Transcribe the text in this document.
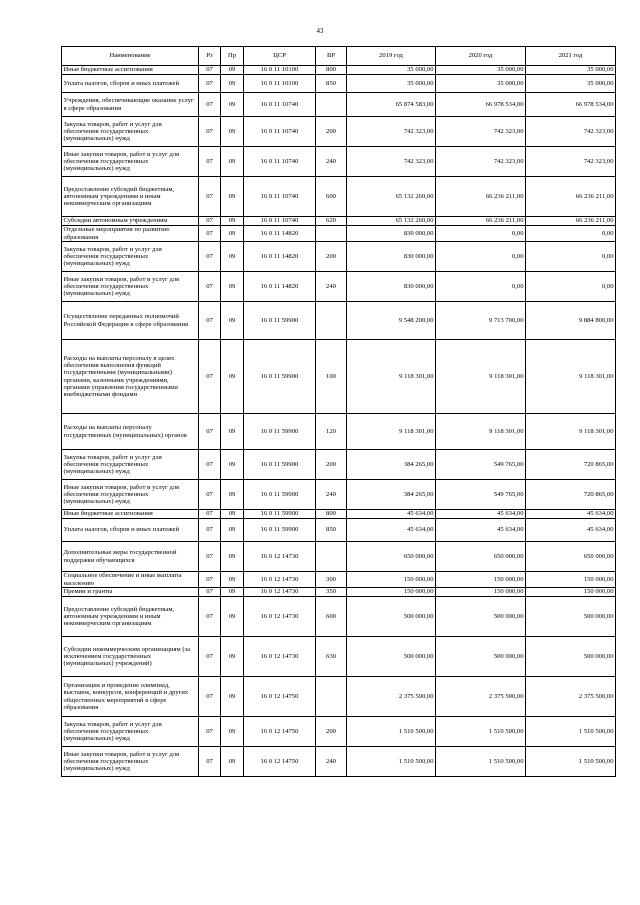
43
Наименование	Рз	Пр	ЦСР	ВР	2019 год	2020 год	2021 год
Иные бюджетные ассигнования	07	09	16 0 11 10100	800	35 000,00	35 000,00	35 000,00
Уплата налогов, сборов и иных платежей	07	09	16 0 11 10100	850	35 000,00	35 000,00	35 000,00
Учреждения, обеспечивающие оказание услуг в сфере образования	07	09	16 0 11 10740		65 874 583,00	66 978 534,00	66 978 534,00
Закупка товаров, работ и услуг для обеспечения государственных (муниципальных) нужд	07	09	16 0 11 10740	200	742 323,00	742 323,00	742 323,00
Иные закупки товаров, работ и услуг для обеспечения государственных (муниципальных) нужд	07	09	16 0 11 10740	240	742 323,00	742 323,00	742 323,00
Предоставление субсидий бюджетным, автономным учреждениям и иным некоммерческим организациям	07	09	16 0 11 10740	600	65 132 260,00	66 236 211,00	66 236 211,00
Субсидии автономным учреждениям	07	09	16 0 11 10740	620	65 132 260,00	66 236 211,00	66 236 211,00
Отдельные мероприятия по развитию образования	07	09	16 0 11 14820		830 000,00	0,00	0,00
Закупка товаров, работ и услуг для обеспечения государственных (муниципальных) нужд	07	09	16 0 11 14820	200	830 000,00	0,00	0,00
Иные закупки товаров, работ и услуг для обеспечения государственных (муниципальных) нужд	07	09	16 0 11 14820	240	830 000,00	0,00	0,00
Осуществление переданных полномочий Российской Федерации в сфере образования	07	09	16 0 11 59900		9 548 200,00	9 713 700,00	9 884 800,00
Расходы на выплаты персоналу в целях обеспечения выполнения функций государственными (муниципальными) органами, казенными учреждениями, органами управления государственными внебюджетными фондами	07	09	16 0 11 59900	100	9 118 301,00	9 118 301,00	9 118 301,00
Расходы на выплаты персоналу государственных (муниципальных) органов	07	09	16 0 11 59900	120	9 118 301,00	9 118 301,00	9 118 301,00
Закупка товаров, работ и услуг для обеспечения государственных (муниципальных) нужд	07	09	16 0 11 59900	200	384 265,00	549 765,00	720 865,00
Иные закупки товаров, работ и услуг для обеспечения государственных (муниципальных) нужд	07	09	16 0 11 59900	240	384 265,00	549 765,00	720 865,00
Иные бюджетные ассигнования	07	09	16 0 11 59900	800	45 634,00	45 634,00	45 634,00
Уплата налогов, сборов и иных платежей	07	09	16 0 11 59900	850	45 634,00	45 634,00	45 634,00
Дополнительные меры государственной поддержки обучающихся	07	09	16 0 12 14730		650 000,00	650 000,00	650 000,00
Социальное обеспечение и иные выплаты населению	07	09	16 0 12 14730	300	150 000,00	150 000,00	150 000,00
Премии и гранты	07	09	16 0 12 14730	350	150 000,00	150 000,00	150 000,00
Предоставление субсидий бюджетным, автономным учреждениям и иным некоммерческим организациям	07	09	16 0 12 14730	600	500 000,00	500 000,00	500 000,00
Субсидии некоммерческим организациям (за исключением государственных (муниципальных) учреждений)	07	09	16 0 12 14730	630	500 000,00	500 000,00	500 000,00
Организация и проведение олимпиад, выставок, конкурсов, конференций и других общественных мероприятий в сфере образования	07	09	16 0 12 14750		2 375 500,00	2 375 500,00	2 375 500,00
Закупка товаров, работ и услуг для обеспечения государственных (муниципальных) нужд	07	09	16 0 12 14750	200	1 510 500,00	1 510 500,00	1 510 500,00
Иные закупки товаров, работ и услуг для обеспечения государственных (муниципальных) нужд	07	09	16 0 12 14750	240	1 510 500,00	1 510 500,00	1 510 500,00
